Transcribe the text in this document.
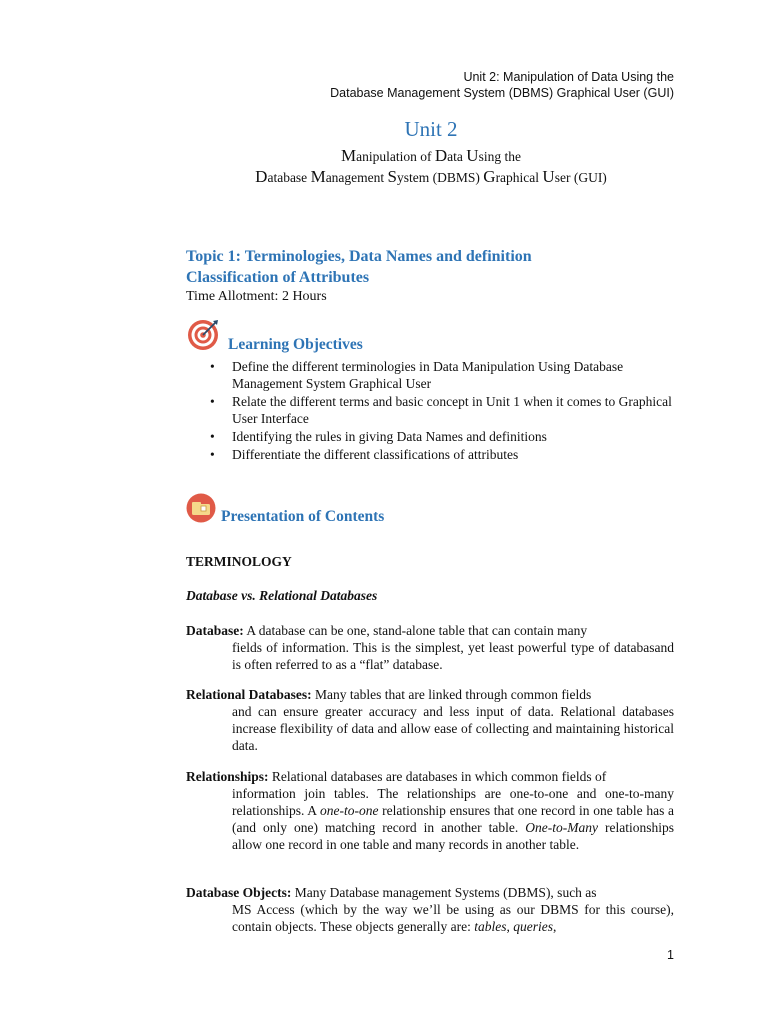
Unit 2: Manipulation of Data Using the
Database Management System (DBMS) Graphical User (GUI)
Unit 2
Manipulation of Data Using the
Database Management System (DBMS) Graphical User (GUI)
Topic 1: Terminologies, Data Names and definition
Classification of Attributes
Time Allotment: 2 Hours
Learning Objectives
• Define the different terminologies in Data Manipulation Using Database Management System Graphical User
• Relate the different terms and basic concept in Unit 1 when it comes to Graphical User Interface
• Identifying the rules in giving Data Names and definitions
• Differentiate the different classifications of attributes
Presentation of Contents
TERMINOLOGY
Database vs. Relational Databases
Database: A database can be one, stand-alone table that can contain many
fields of information. This is the simplest, yet least powerful type of databasand is often referred to as a “flat” database.
Relational Databases: Many tables that are linked through common fields
and can ensure greater accuracy and less input of data. Relational databases increase flexibility of data and allow ease of collecting and maintaining historical data.
Relationships: Relational databases are databases in which common fields of
information join tables. The relationships are one-to-one and one-to-many relationships. A one-to-one relationship ensures that one record in one table has a (and only one) matching record in another table. One-to-Many relationships allow one record in one table and many records in another table.
Database Objects: Many Database management Systems (DBMS), such as
MS Access (which by the way we’ll be using as our DBMS for this course), contain objects. These objects generally are: tables, queries,
1
